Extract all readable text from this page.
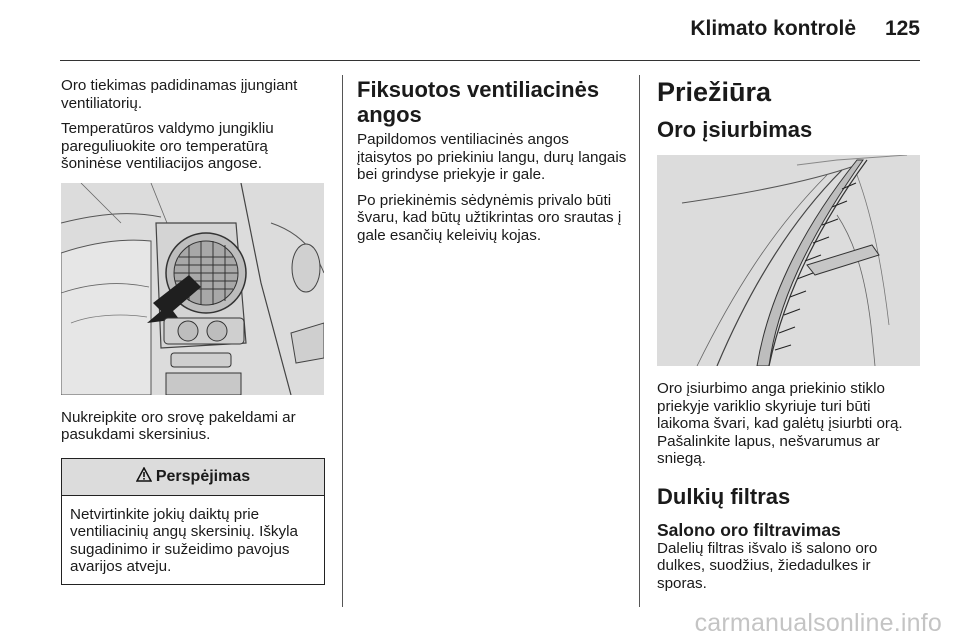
Klimato kontrolė 125

Oro tiekimas padidinamas įjungiant ventiliatorių.

Temperatūros valdymo jungikliu pareguliuokite oro temperatūrą šoninėse ventiliacijos angose.

Nukreipkite oro srovę pakeldami ar pasukdami skersinius.

Perspėjimas
Netvirtinkite jokių daiktų prie ventiliacinių angų skersinių. Iškyla sugadinimo ir sužeidimo pavojus avarijos atveju.
Fiksuotos ventiliacinės angos

Papildomos ventiliacinės angos įtaisytos po priekiniu langu, durų langais bei grindyse priekyje ir gale.

Po priekinėmis sėdynėmis privalo būti švaru, kad būtų užtikrintas oro srautas į gale esančių keleivių kojas.

Priežiūra
Oro įsiurbimas

Oro įsiurbimo anga priekinio stiklo priekyje variklio skyriuje turi būti laikoma švari, kad galėtų įsiurbti orą. Pašalinkite lapus, nešvarumus ar sniegą.

Dulkių filtras
Salono oro filtravimas

Dalelių filtras išvalo iš salono oro dulkes, suodžius, žiedadulkes ir sporas.

carmanualsonline.info
